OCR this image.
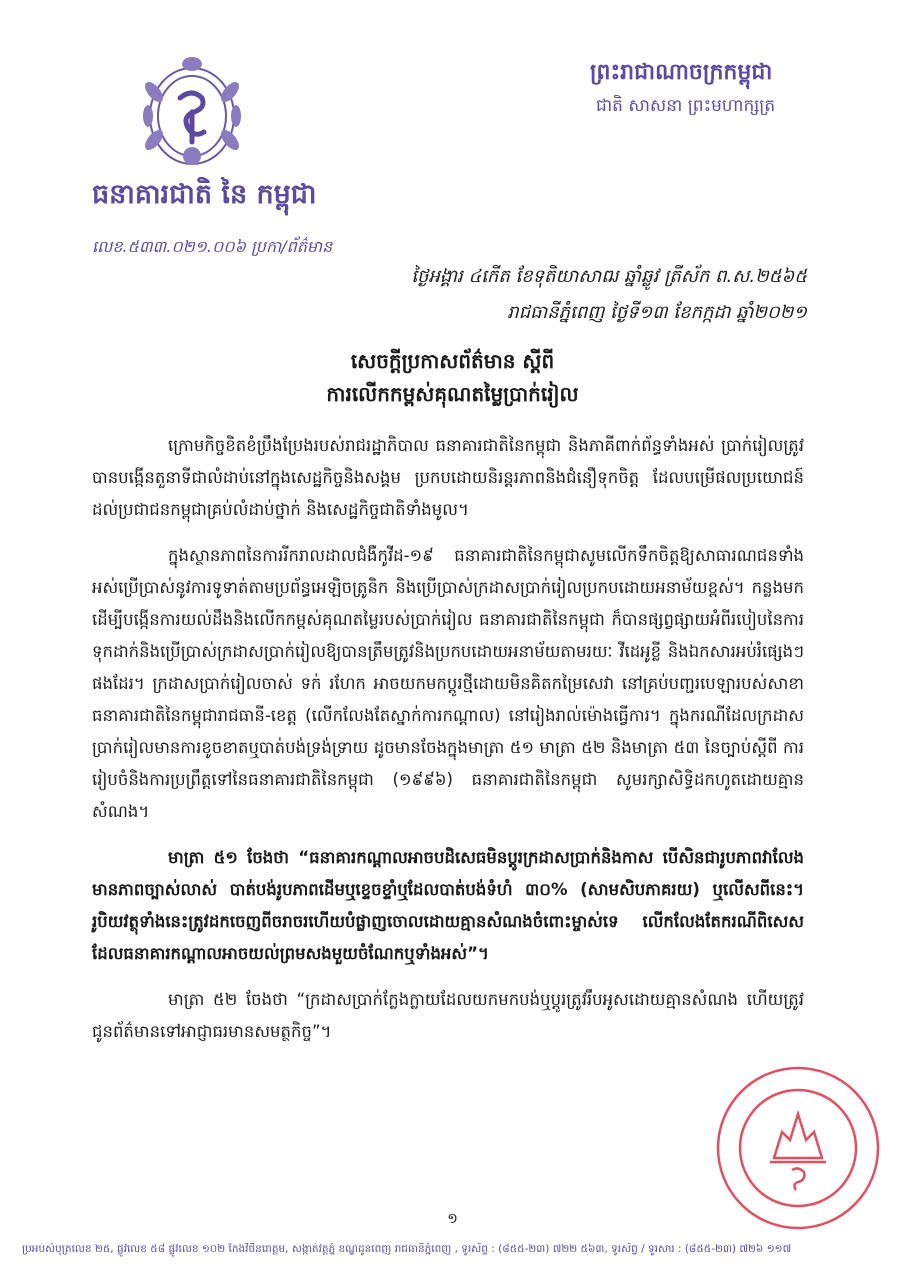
ធនាគារជាតិ នៃ កម្ពុជា
លេខ.៥៣៣.០២១.០០៦ ប្រកា/ព័ត៌មាន
ព្រះរាជាណាចក្រកម្ពុជា
ជាតិ សាសនា ព្រះមហាក្សត្រ
ថ្ងៃអង្គារ ៤កើត ខែទុតិយាសាឍ ឆ្នាំឆ្លូវ ត្រីស័ក ព.ស.២៥៦៥
រាជធានីភ្នំពេញ ថ្ងៃទី១៣ ខែកក្កដា ឆ្នាំ២០២១
សេចក្តីប្រកាសព័ត៌មាន ស្តីពី
ការលើកកម្ពស់គុណតម្លៃប្រាក់រៀល

ក្រោមកិច្ចខិតខំប្រឹងប្រែងរបស់រាជរដ្ឋាភិបាល ធនាគារជាតិនៃកម្ពុជា និងភាគីពាក់ព័ន្ធទាំងអស់ ប្រាក់រៀលត្រូវបានបង្កើនតួនាទីជាលំដាប់នៅក្នុងសេដ្ឋកិច្ចនិងសង្គម ប្រកបដោយនិរន្តរភាពនិងជំនឿទុកចិត្ត ដែលបម្រើផលប្រយោជន៍ដល់ប្រជាជនកម្ពុជាគ្រប់លំដាប់ថ្នាក់ និងសេដ្ឋកិច្ចជាតិទាំងមូល។

ក្នុងស្ថានភាពនៃការរីករាលដាលជំងឺកូវីដ-១៩ ធនាគារជាតិនៃកម្ពុជាសូមលើកទឹកចិត្តឱ្យសាធារណជនទាំងអស់ប្រើប្រាស់នូវការទូទាត់តាមប្រព័ន្ធអេឡិចត្រូនិក និងប្រើប្រាស់ក្រដាសប្រាក់រៀលប្រកបដោយអនាម័យខ្ពស់។ កន្លងមក ដើម្បីបង្កើនការយល់ដឹងនិងលើកកម្ពស់គុណតម្លៃរបស់ប្រាក់រៀល ធនាគារជាតិនៃកម្ពុជា ក៏បានផ្សព្វផ្សាយអំពីរបៀបនៃការទុកដាក់និងប្រើប្រាស់ក្រដាសប្រាក់រៀលឱ្យបានត្រឹមត្រូវនិងប្រកបដោយអនាម័យតាមរយៈ វីដេអូខ្លី និងឯកសារអប់រំផ្សេងៗផងដែរ។ ក្រដាសប្រាក់រៀលចាស់ ទក់ រហែក អាចយកមកប្តូរថ្មីដោយមិនគិតកម្រៃសេវា នៅគ្រប់បញ្ជរបេឡារបស់សាខាធនាគារជាតិនៃកម្ពុជារាជធានី-ខេត្ត (លើកលែងតែស្នាក់ការកណ្តាល) នៅរៀងរាល់ម៉ោងធ្វើការ។ ក្នុងករណីដែលក្រដាសប្រាក់រៀលមានការខូចខាតឬបាត់បង់ទ្រង់ទ្រាយ ដូចមានចែងក្នុងមាត្រា ៥១ មាត្រា ៥២ និងមាត្រា ៥៣ នៃច្បាប់ស្តីពី ការរៀបចំនិងការប្រព្រឹត្តទៅនៃធនាគារជាតិនៃកម្ពុជា (១៩៩៦) ធនាគារជាតិនៃកម្ពុជា សូមរក្សាសិទ្ធិដកហូតដោយគ្មានសំណង។

មាត្រា ៥១ ចែងថា “ធនាគារកណ្តាលអាចបដិសេធមិនប្តូរក្រដាសប្រាក់និងកាស បើសិនជារូបភាពវាលែងមានភាពច្បាស់លាស់ បាត់បង់រូបភាពដើមឬខ្ទេចខ្ទាំឬដែលបាត់បង់ទំហំ ៣០% (សាមសិបភាគរយ) ឬលើសពីនេះ។ រូបិយវត្ថុទាំងនេះត្រូវដកចេញពីចរាចរហើយបំផ្លាញចោលដោយគ្មានសំណងចំពោះម្ចាស់ទេ លើកលែងតែករណីពិសេសដែលធនាគារកណ្តាលអាចយល់ព្រមសងមួយចំណែកឬទាំងអស់”។

មាត្រា ៥២ ចែងថា “ក្រដាសប្រាក់ក្លែងក្លាយដែលយកមកបង់ឬប្តូរត្រូវរឹបអូសដោយគ្មានសំណង ហើយត្រូវជូនព័ត៌មានទៅអាជ្ញាធរមានសមត្ថកិច្ច”។

១
ប្រអប់សំបុត្រលេខ ២៥, ផ្លូវលេខ ៥៨ ផ្លូវលេខ ១០២ កែងវិថីនរោត្តម, សង្កាត់វត្តភ្នំ ខណ្ឌដូនពេញ រាជធានីភ្នំពេញ , ទូរស័ព្ទ : (៨៥៥-២៣) ៧២២ ៥៦៣, ទូរស័ព្ទ / ទូរសារ : (៨៥៥-២៣) ៧២៦ ១១៧
